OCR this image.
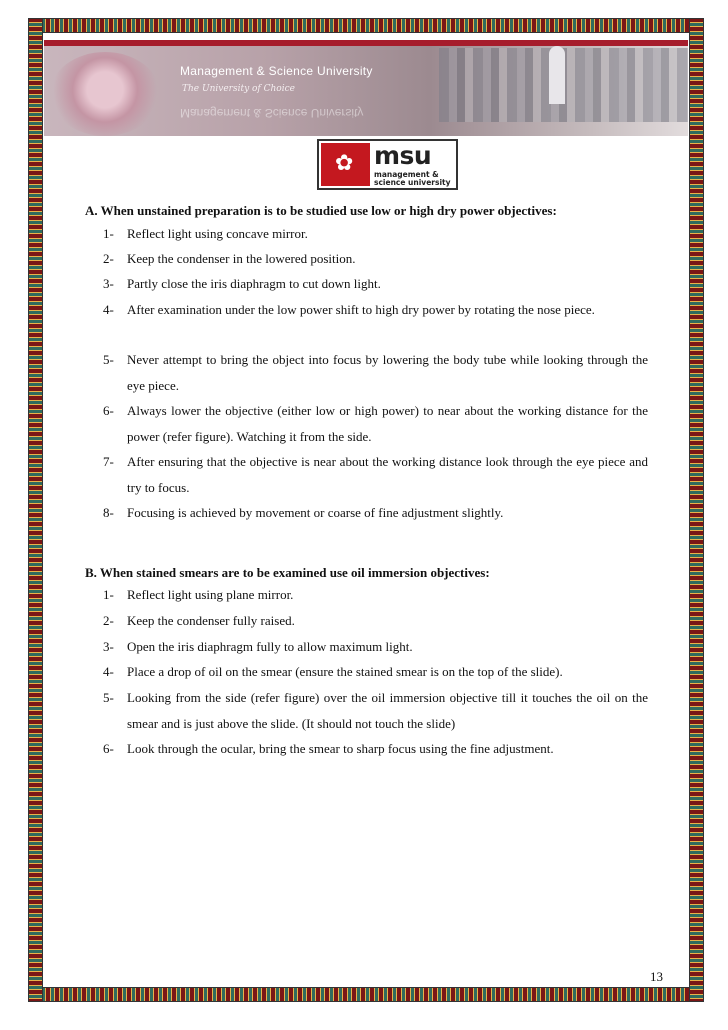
Management & Science University
The University of Choice
Management & Science University
✿ msu
management &
science university
A. When unstained preparation is to be studied use low or high dry power objectives:
1-	Reflect light using concave mirror.
2-	Keep the condenser in the lowered position.
3-	Partly close the iris diaphragm to cut down light.
4-	After examination under the low power shift to high dry power by rotating the nose piece.
5-	Never attempt to bring the object into focus by lowering the body tube while looking through the eye piece.
6-	Always lower the objective (either low or high power) to near about the working distance for the power (refer figure). Watching it from the side.
7-	After ensuring that the objective is near about the working distance look through the eye piece and try to focus.
8-	Focusing is achieved by movement or coarse of fine adjustment slightly.
B. When stained smears are to be examined use oil immersion objectives:
1-	Reflect light using plane mirror.
2-	Keep the condenser fully raised.
3-	Open the iris diaphragm fully to allow maximum light.
4-	Place a drop of oil on the smear (ensure the stained smear is on the top of the slide).
5-	Looking from the side (refer figure) over the oil immersion objective till it touches the oil on the smear and is just above the slide. (It should not touch the slide)
6-	Look through the ocular, bring the smear to sharp focus using the fine adjustment.
13
